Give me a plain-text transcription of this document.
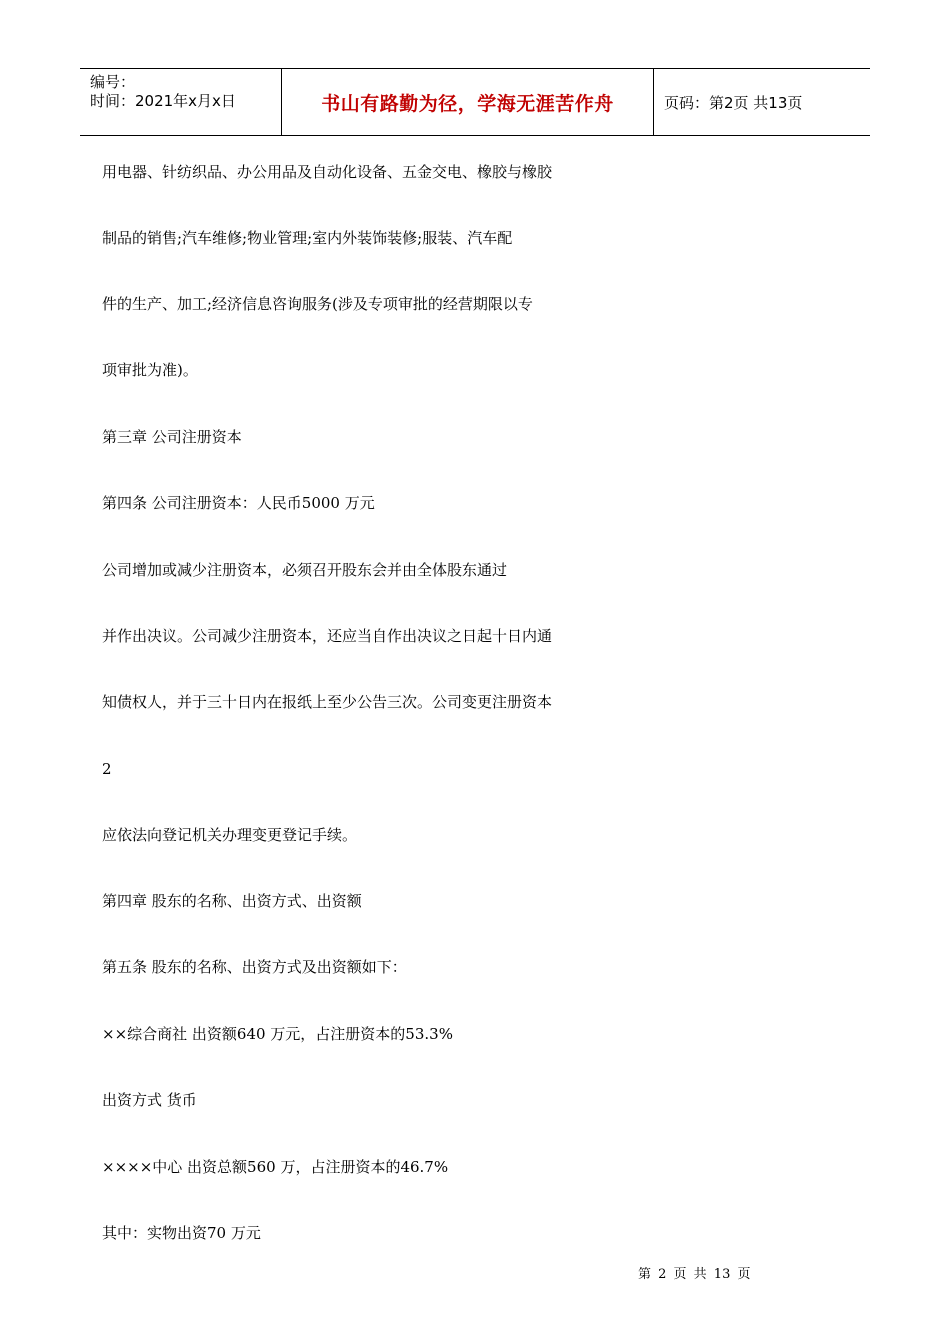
编号：
时间：2021年x月x日	书山有路勤为径，学海无涯苦作舟	页码：第2页 共13页
用电器、针纺织品、办公用品及自动化设备、五金交电、橡胶与橡胶
制品的销售;汽车维修;物业管理;室内外装饰装修;服装、汽车配
件的生产、加工;经济信息咨询服务(涉及专项审批的经营期限以专
项审批为准)。
第三章 公司注册资本
第四条 公司注册资本：人民币5000 万元
公司增加或减少注册资本，必须召开股东会并由全体股东通过
并作出决议。公司减少注册资本，还应当自作出决议之日起十日内通
知债权人，并于三十日内在报纸上至少公告三次。公司变更注册资本
2
应依法向登记机关办理变更登记手续。
第四章 股东的名称、出资方式、出资额
第五条 股东的名称、出资方式及出资额如下：
××综合商社 出资额640 万元，占注册资本的53.3%
出资方式 货币
××××中心 出资总额560 万，占注册资本的46.7%
其中：实物出资70 万元
第 2 页 共 13 页
